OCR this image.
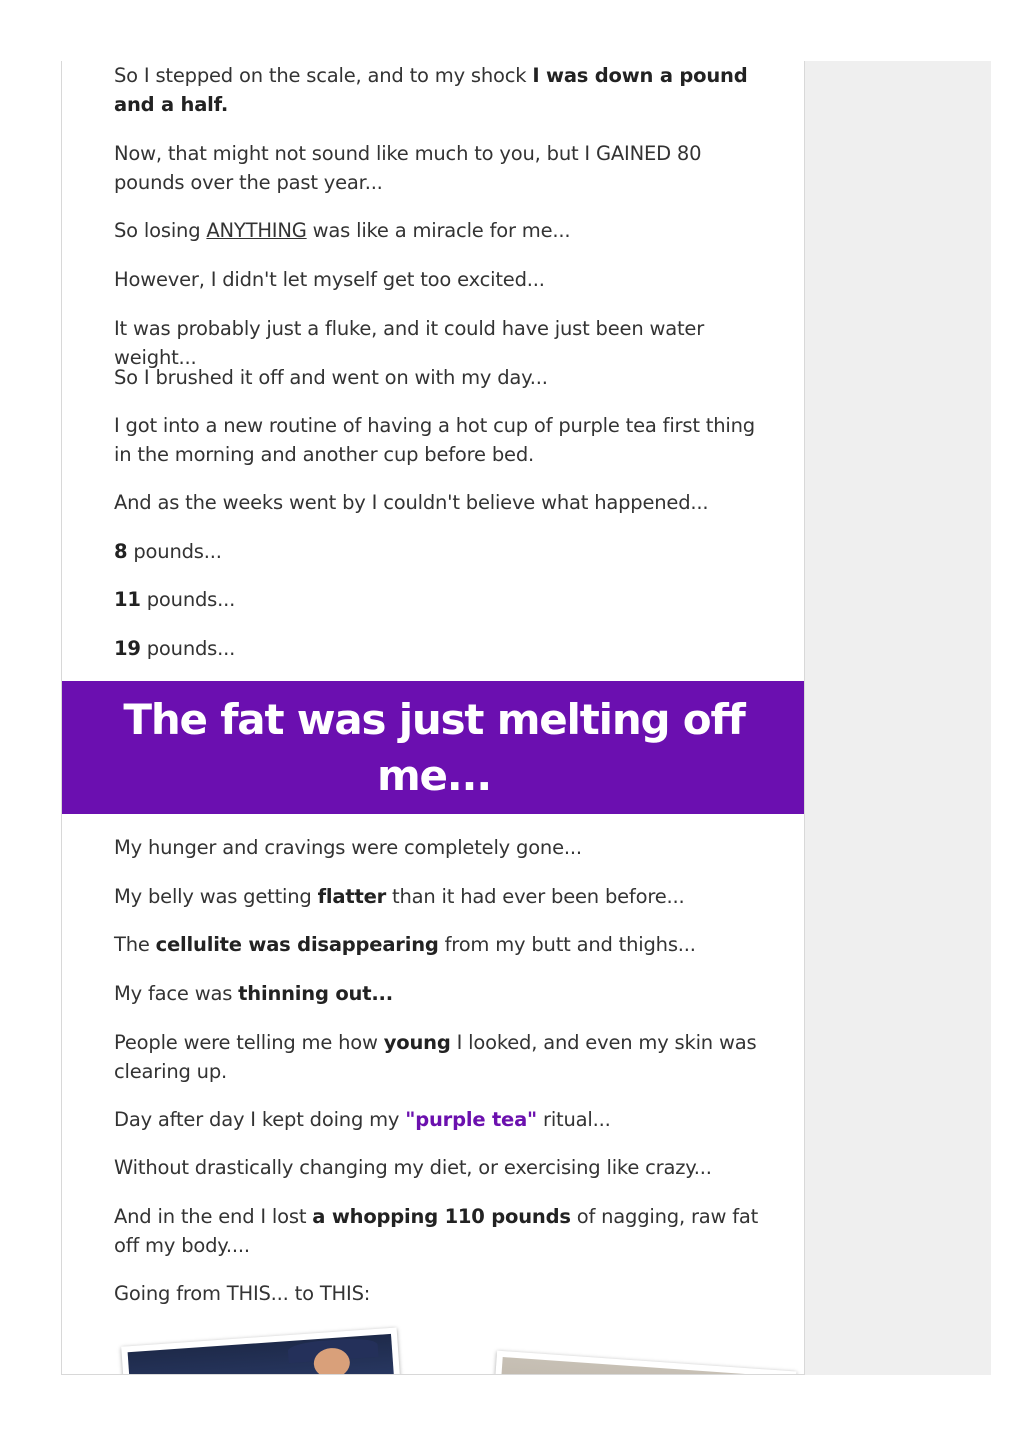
So I stepped on the scale, and to my shock I was down a pound and a half.

Now, that might not sound like much to you, but I GAINED 80 pounds over the past year...

So losing ANYTHING was like a miracle for me...

However, I didn't let myself get too excited...

It was probably just a fluke, and it could have just been water weight...

So I brushed it off and went on with my day...

I got into a new routine of having a hot cup of purple tea first thing in the morning and another cup before bed.

And as the weeks went by I couldn't believe what happened...

8 pounds...

11 pounds...

19 pounds...

The fat was just melting off me...

My hunger and cravings were completely gone...

My belly was getting flatter than it had ever been before...

The cellulite was disappearing from my butt and thighs...

My face was thinning out...

People were telling me how young I looked, and even my skin was clearing up.

Day after day I kept doing my "purple tea" ritual...

Without drastically changing my diet, or exercising like crazy...

And in the end I lost a whopping 110 pounds of nagging, raw fat off my body....

Going from THIS... to THIS:
